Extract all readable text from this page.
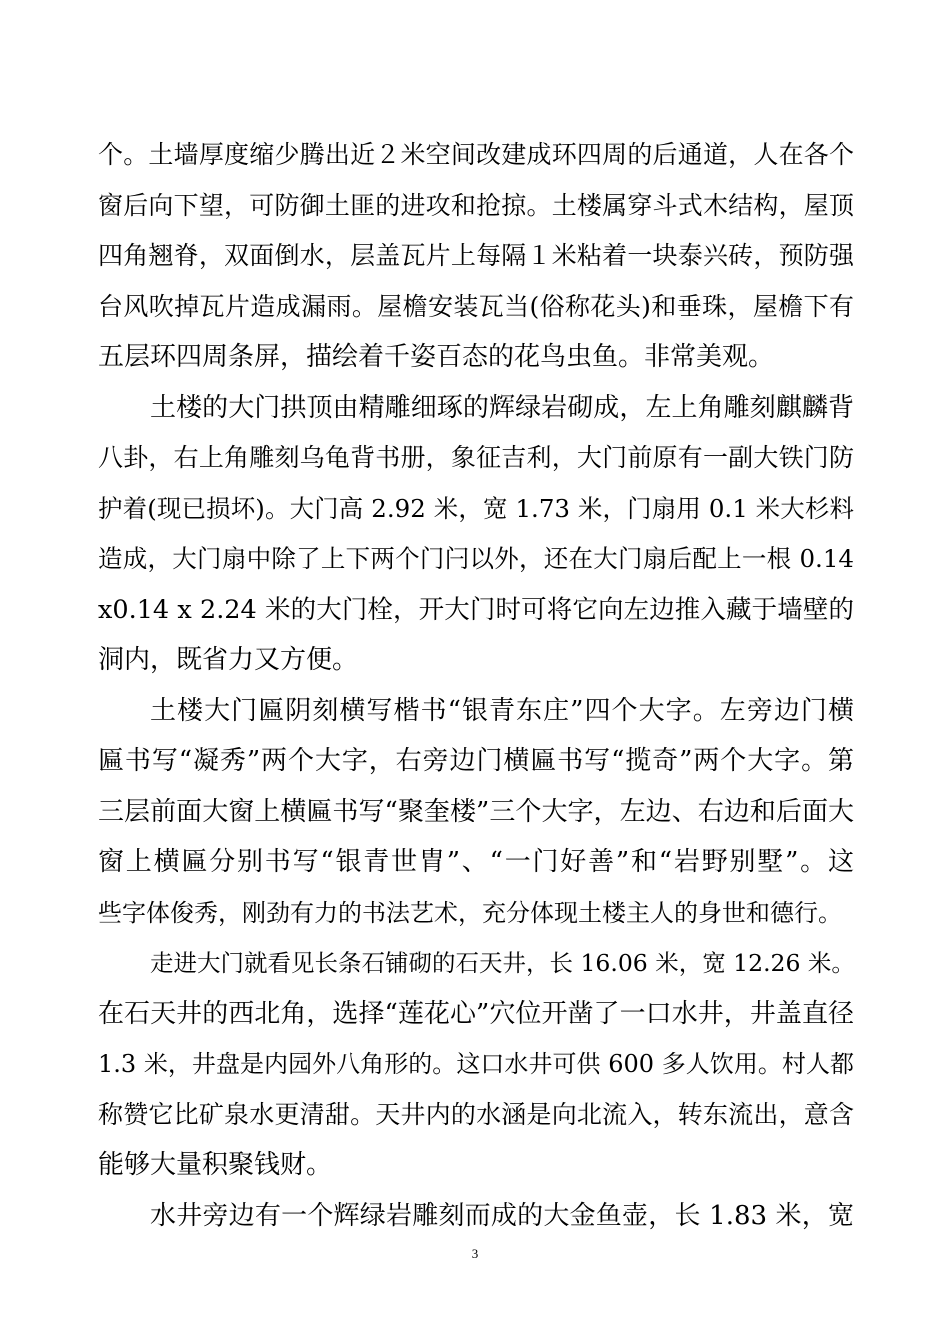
个。土墙厚度缩少腾出近２米空间改建成环四周的后通道，人在各个
窗后向下望，可防御土匪的进攻和抢掠。土楼属穿斗式木结构，屋顶
四角翘脊，双面倒水，层盖瓦片上每隔１米粘着一块泰兴砖，预防强
台风吹掉瓦片造成漏雨。屋檐安装瓦当(俗称花头)和垂珠，屋檐下有
五层环四周条屏，描绘着千姿百态的花鸟虫鱼。非常美观。
土楼的大门拱顶由精雕细琢的辉绿岩砌成，左上角雕刻麒麟背
八卦，右上角雕刻乌龟背书册，象征吉利，大门前原有一副大铁门防
护着(现已损坏)。大门高 2.92 米，宽 1.73 米，门扇用 0.1 米大杉料
造成，大门扇中除了上下两个门闩以外，还在大门扇后配上一根 0.14
x0.14 x 2.24 米的大门栓，开大门时可将它向左边推入藏于墙壁的
洞内，既省力又方便。
土楼大门匾阴刻横写楷书“银青东庄”四个大字。左旁边门横
匾书写“凝秀”两个大字，右旁边门横匾书写“揽奇”两个大字。第
三层前面大窗上横匾书写“聚奎楼”三个大字，左边、右边和后面大
窗上横匾分别书写“银青世胄”、“一门好善”和“岩野别墅”。这
些字体俊秀，刚劲有力的书法艺术，充分体现土楼主人的身世和德行。
走进大门就看见长条石铺砌的石天井，长 16.06 米，宽 12.26 米。
在石天井的西北角，选择“莲花心”穴位开凿了一口水井，井盖直径
1.3 米，井盘是内园外八角形的。这口水井可供 600 多人饮用。村人都
称赞它比矿泉水更清甜。天井内的水涵是向北流入，转东流出，意含
能够大量积聚钱财。
水井旁边有一个辉绿岩雕刻而成的大金鱼壶，长 1.83 米，宽
3
